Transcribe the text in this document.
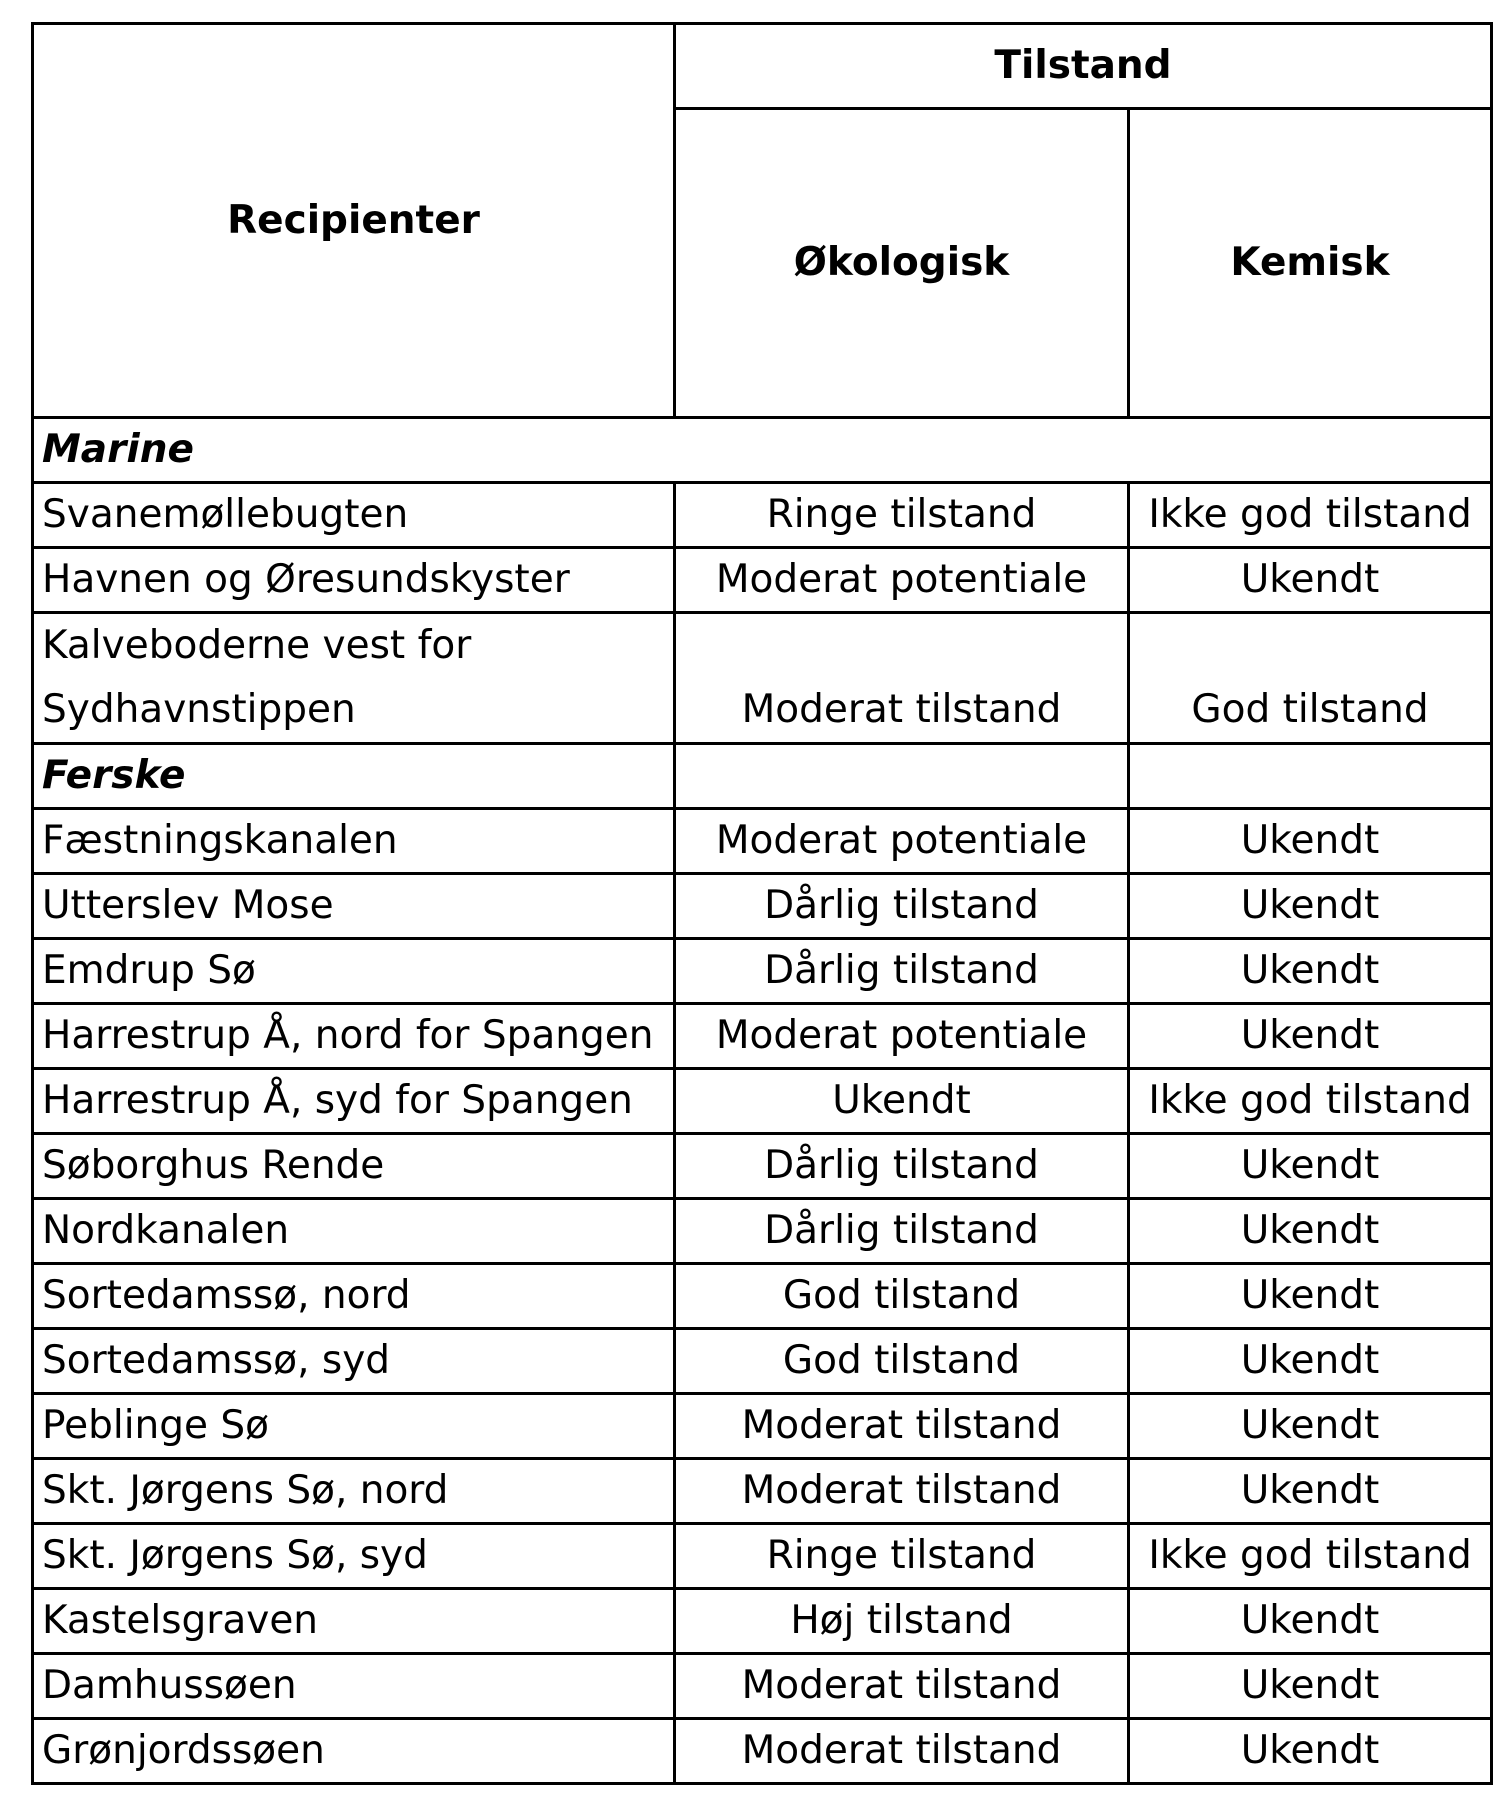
Recipienter	Tilstand	
	Økologisk	Kemisk
Marine		
Svanemøllebugten	Ringe tilstand	Ikke god tilstand
Havnen og Øresundskyster	Moderat potentiale	Ukendt
Kalveboderne vest for Sydhavnstippen	Moderat tilstand	God tilstand
Ferske		
Fæstningskanalen	Moderat potentiale	Ukendt
Utterslev Mose	Dårlig tilstand	Ukendt
Emdrup Sø	Dårlig tilstand	Ukendt
Harrestrup Å, nord for Spangen	Moderat potentiale	Ukendt
Harrestrup Å, syd for Spangen	Ukendt	Ikke god tilstand
Søborghus Rende	Dårlig tilstand	Ukendt
Nordkanalen	Dårlig tilstand	Ukendt
Sortedamssø, nord	God tilstand	Ukendt
Sortedamssø, syd	God tilstand	Ukendt
Peblinge Sø	Moderat tilstand	Ukendt
Skt. Jørgens Sø, nord	Moderat tilstand	Ukendt
Skt. Jørgens Sø, syd	Ringe tilstand	Ikke god tilstand
Kastelsgraven	Høj tilstand	Ukendt
Damhussøen	Moderat tilstand	Ukendt
Grønjordssøen	Moderat tilstand	Ukendt
